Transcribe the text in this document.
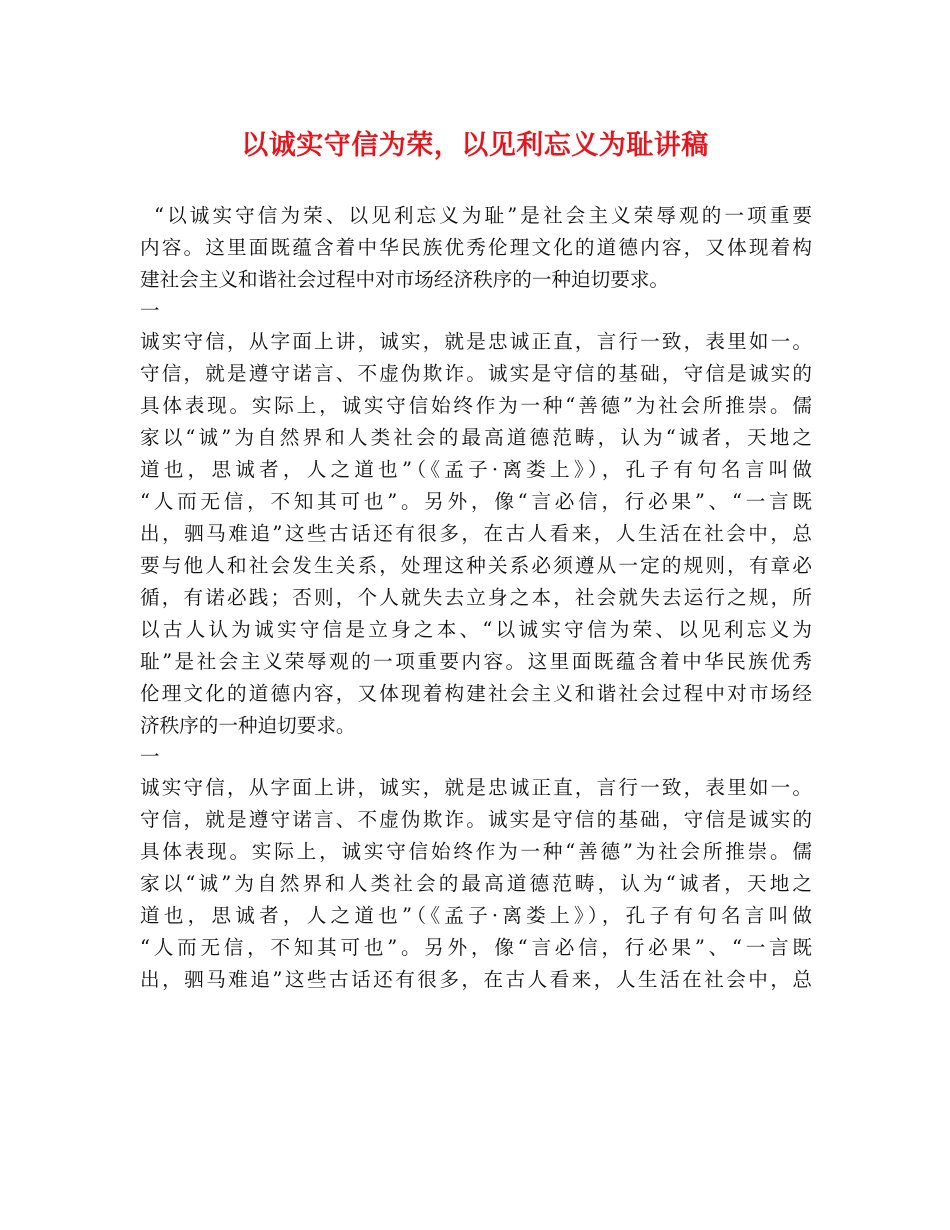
以诚实守信为荣，以见利忘义为耻讲稿
“以诚实守信为荣、以见利忘义为耻”是社会主义荣辱观的一项重要
内容。这里面既蕴含着中华民族优秀伦理文化的道德内容，又体现着构
建社会主义和谐社会过程中对市场经济秩序的一种迫切要求。
一
诚实守信，从字面上讲，诚实，就是忠诚正直，言行一致，表里如一。
守信，就是遵守诺言、不虚伪欺诈。诚实是守信的基础，守信是诚实的
具体表现。实际上，诚实守信始终作为一种“善德”为社会所推崇。儒
家以“诚”为自然界和人类社会的最高道德范畴，认为“诚者，天地之
道也，思诚者，人之道也”（《孟子·离娄上》），孔子有句名言叫做
“人而无信，不知其可也”。另外，像“言必信，行必果”、“一言既
出，驷马难追”这些古话还有很多，在古人看来，人生活在社会中，总
要与他人和社会发生关系，处理这种关系必须遵从一定的规则，有章必
循，有诺必践；否则，个人就失去立身之本，社会就失去运行之规，所
以古人认为诚实守信是立身之本、“以诚实守信为荣、以见利忘义为
耻”是社会主义荣辱观的一项重要内容。这里面既蕴含着中华民族优秀
伦理文化的道德内容，又体现着构建社会主义和谐社会过程中对市场经
济秩序的一种迫切要求。
一
诚实守信，从字面上讲，诚实，就是忠诚正直，言行一致，表里如一。
守信，就是遵守诺言、不虚伪欺诈。诚实是守信的基础，守信是诚实的
具体表现。实际上，诚实守信始终作为一种“善德”为社会所推崇。儒
家以“诚”为自然界和人类社会的最高道德范畴，认为“诚者，天地之
道也，思诚者，人之道也”（《孟子·离娄上》），孔子有句名言叫做
“人而无信，不知其可也”。另外，像“言必信，行必果”、“一言既
出，驷马难追”这些古话还有很多，在古人看来，人生活在社会中，总
